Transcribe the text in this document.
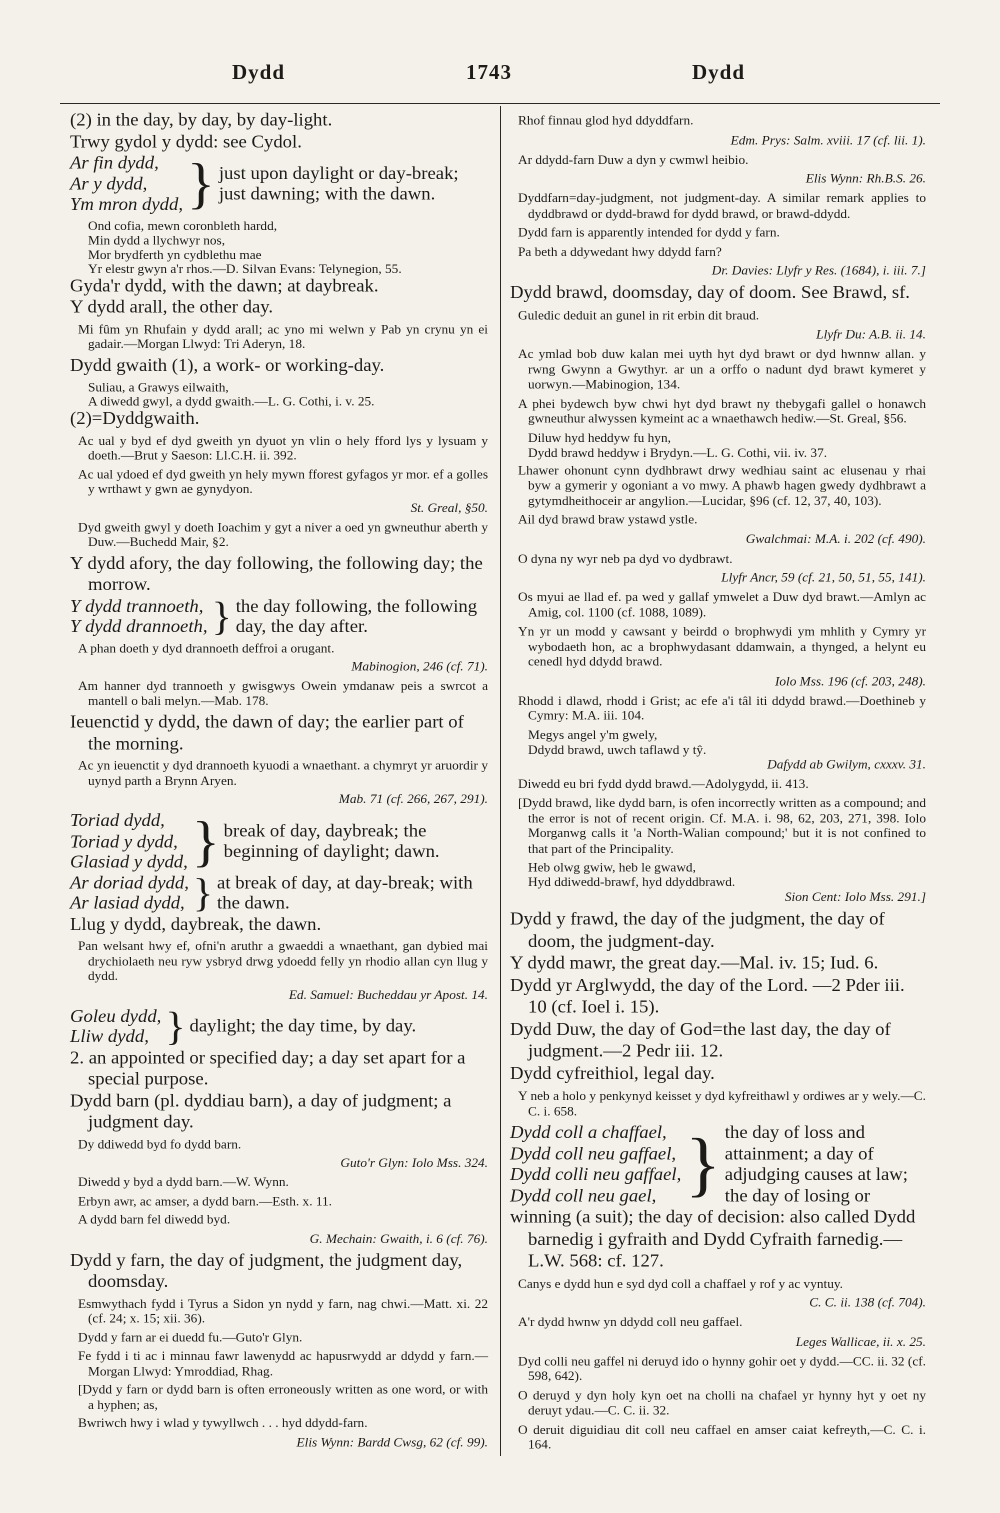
Dydd	1743	Dydd

(2) in the day, by day, by day-light.

Trwy gydol y dydd: see Cydol.

Ar fin dydd,
Ar y dydd,
Ym mron dydd, } just upon daylight or day-break; just dawning; with the dawn.
Ond cofia, mewn coronbleth hardd,
Min dydd a llychwyr nos,
Mor brydferth yn cydblethu mae
Yr elestr gwyn a'r rhos.—D. Silvan Evans: Telynegion, 55.

Gyda'r dydd, with the dawn; at daybreak.

Y dydd arall, the other day.

Mi fûm yn Rhufain y dydd arall; ac yno mi welwn y Pab yn crynu yn ei gadair.—Morgan Llwyd: Tri Aderyn, 18.

Dydd gwaith (1), a work- or working-day.

Suliau, a Grawys eilwaith,
A diwedd gwyl, a dydd gwaith.—L. G. Cothi, i. v. 25.

(2)=Dyddgwaith.

Ac ual y byd ef dyd gweith yn dyuot yn vlin o hely fford lys y lysuam y doeth.—Brut y Saeson: Ll.C.H. ii. 392.

Ac ual ydoed ef dyd gweith yn hely mywn fforest gyfagos yr mor. ef a golles y wrthawt y gwn ae gynydyon.

St. Greal, §50.

Dyd gweith gwyl y doeth Ioachim y gyt a niver a oed yn gwneuthur aberth y Duw.—Buchedd Mair, §2.

Y dydd afory, the day following, the following day; the morrow.

Y dydd trannoeth,
Y dydd drannoeth, } the day following, the following day, the day after.

A phan doeth y dyd drannoeth deffroi a orugant.

Mabinogion, 246 (cf. 71).

Am hanner dyd trannoeth y gwisgwys Owein ymdanaw peis a swrcot a mantell o bali melyn.—Mab. 178.

Ieuenctid y dydd, the dawn of day; the earlier part of the morning.

Ac yn ieuenctit y dyd drannoeth kyuodi a wnaethant. a chymryt yr aruordir y uynyd parth a Brynn Aryen.

Mab. 71 (cf. 266, 267, 291).

Toriad dydd,
Toriad y dydd,
Glasiad y dydd, } break of day, daybreak; the beginning of daylight; dawn.
Ar doriad dydd,
Ar lasiad dydd, } at break of day, at day-break; with the dawn.

Llug y dydd, daybreak, the dawn.

Pan welsant hwy ef, ofni'n aruthr a gwaeddi a wnaethant, gan dybied mai drychiolaeth neu ryw ysbryd drwg ydoedd felly yn rhodio allan cyn llug y dydd.

Ed. Samuel: Bucheddau yr Apost. 14.

Goleu dydd,
Lliw dydd, } daylight; the day time, by day.

2. an appointed or specified day; a day set apart for a special purpose.

Dydd barn (pl. dyddiau barn), a day of judgment; a judgment day.

Dy ddiwedd byd fo dydd barn.

Guto'r Glyn: Iolo Mss. 324.

Diwedd y byd a dydd barn.—W. Wynn.

Erbyn awr, ac amser, a dydd barn.—Esth. x. 11.

A dydd barn fel diwedd byd.

G. Mechain: Gwaith, i. 6 (cf. 76).

Dydd y farn, the day of judgment, the judgment day, doomsday.

Esmwythach fydd i Tyrus a Sidon yn nydd y farn, nag chwi.—Matt. xi. 22 (cf. 24; x. 15; xii. 36).

Dydd y farn ar ei duedd fu.—Guto'r Glyn.

Fe fydd i ti ac i minnau fawr lawenydd ac hapusrwydd ar ddydd y farn.—Morgan Llwyd: Ymroddiad, Rhag.

[Dydd y farn or dydd barn is often erroneously written as one word, or with a hyphen; as,

Bwriwch hwy i wlad y tywyllwch . . . hyd ddydd-farn.

Elis Wynn: Bardd Cwsg, 62 (cf. 99).

Rhof finnau glod hyd ddyddfarn.

Edm. Prys: Salm. xviii. 17 (cf. lii. 1).

Ar ddydd-farn Duw a dyn y cwmwl heibio.

Elis Wynn: Rh.B.S. 26.

Dyddfarn=day-judgment, not judgment-day. A similar remark applies to dyddbrawd or dydd-brawd for dydd brawd, or brawd-ddydd.

Dydd farn is apparently intended for dydd y farn.

Pa beth a ddywedant hwy ddydd farn?

Dr. Davies: Llyfr y Res. (1684), i. iii. 7.]

Dydd brawd, doomsday, day of doom. See Brawd, sf.

Guledic deduit an gunel in rit erbin dit braud.

Llyfr Du: A.B. ii. 14.

Ac ymlad bob duw kalan mei uyth hyt dyd brawt or dyd hwnnw allan. y rwng Gwynn a Gwythyr. ar un a orffo o nadunt dyd brawt kymeret y uorwyn.—Mabinogion, 134.

A phei bydewch byw chwi hyt dyd brawt ny thebygafi gallel o honawch gwneuthur alwyssen kymeint ac a wnaethawch hediw.—St. Greal, §56.

Diluw hyd heddyw fu hyn,
Dydd brawd heddyw i Brydyn.—L. G. Cothi, vii. iv. 37.

Lhawer ohonunt cynn dydhbrawt drwy wedhiau saint ac elusenau y rhai byw a gymerir y ogoniant a vo mwy. A phawb hagen gwedy dydhbrawt a gytymdheithoceir ar angylion.—Lucidar, §96 (cf. 12, 37, 40, 103).

Ail dyd brawd braw ystawd ystle.

Gwalchmai: M.A. i. 202 (cf. 490).

O dyna ny wyr neb pa dyd vo dydbrawt.

Llyfr Ancr, 59 (cf. 21, 50, 51, 55, 141).

Os myui ae llad ef. pa wed y gallaf ymwelet a Duw dyd brawt.—Amlyn ac Amig, col. 1100 (cf. 1088, 1089).

Yn yr un modd y cawsant y beirdd o brophwydi ym mhlith y Cymry yr wybodaeth hon, ac a brophwydasant ddamwain, a thynged, a helynt eu cenedl hyd ddydd brawd.

Iolo Mss. 196 (cf. 203, 248).

Rhodd i dlawd, rhodd i Grist; ac efe a'i tâl iti ddydd brawd.—Doethineb y Cymry: M.A. iii. 104.

Megys angel y'm gwely,
Ddydd brawd, uwch taflawd y tŷ.

Dafydd ab Gwilym, cxxxv. 31.

Diwedd eu bri fydd dydd brawd.—Adolygydd, ii. 413.

[Dydd brawd, like dydd barn, is ofen incorrectly written as a compound; and the error is not of recent origin. Cf. M.A. i. 98, 62, 203, 271, 398. Iolo Morganwg calls it 'a North-Walian compound;' but it is not confined to that part of the Principality.

Heb olwg gwiw, heb le gwawd,
Hyd ddiwedd-brawf, hyd ddyddbrawd.

Sion Cent: Iolo Mss. 291.]

Dydd y frawd, the day of the judgment, the day of doom, the judgment-day.

Y dydd mawr, the great day.—Mal. iv. 15; Iud. 6.

Dydd yr Arglwydd, the day of the Lord. —2 Pder iii. 10 (cf. Ioel i. 15).

Dydd Duw, the day of God=the last day, the day of judgment.—2 Pedr iii. 12.

Dydd cyfreithiol, legal day.

Y neb a holo y penkynyd keisset y dyd kyfreithawl y ordiwes ar y wely.—C. C. i. 658.

Dydd coll a chaffael,
Dydd coll neu gaffael,
Dydd colli neu gaffael,
Dydd coll neu gael, } the day of loss and attainment; a day of adjudging causes at law; the day of losing or

winning (a suit); the day of decision: also called Dydd barnedig i gyfraith and Dydd Cyfraith farnedig.—L.W. 568: cf. 127.

Canys e dydd hun e syd dyd coll a chaffael y rof y ac vyntuy.

C. C. ii. 138 (cf. 704).

A'r dydd hwnw yn ddydd coll neu gaffael.

Leges Wallicae, ii. x. 25.

Dyd colli neu gaffel ni deruyd ido o hynny gohir oet y dydd.—CC. ii. 32 (cf. 598, 642).

O deruyd y dyn holy kyn oet na cholli na chafael yr hynny hyt y oet ny deruyt ydau.—C. C. ii. 32.

O deruit diguidiau dit coll neu caffael en amser caiat kefreyth,—C. C. i. 164.
